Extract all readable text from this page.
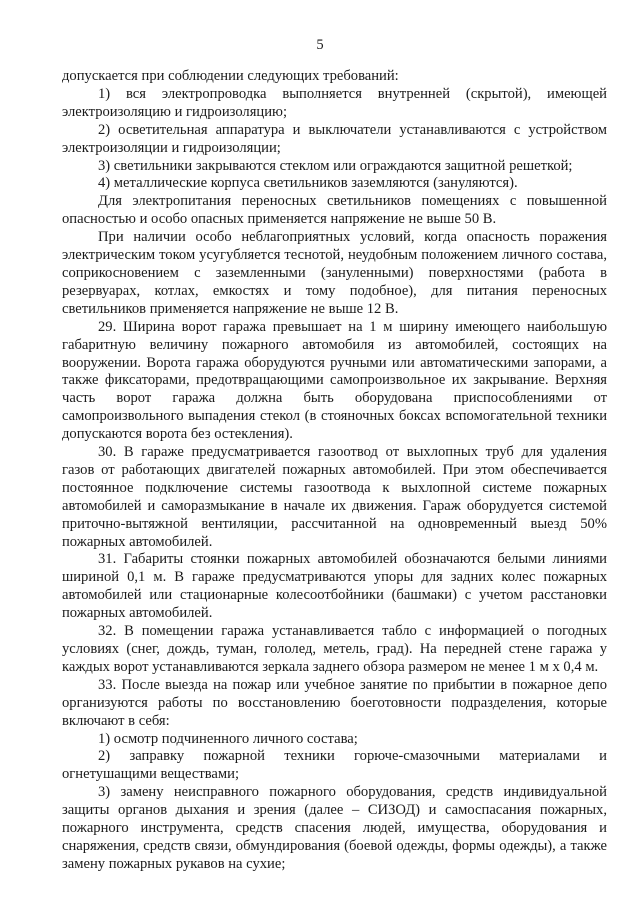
5

допускается при соблюдении следующих требований:

1) вся электропроводка выполняется внутренней (скрытой), имеющей электроизоляцию и гидроизоляцию;

2) осветительная аппаратура и выключатели устанавливаются с устройством электроизоляции и гидроизоляции;

3) светильники закрываются стеклом или ограждаются защитной решеткой;

4) металлические корпуса светильников заземляются (зануляются).

Для электропитания переносных светильников помещениях с повышенной опасностью и особо опасных применяется напряжение не выше 50 В.

При наличии особо неблагоприятных условий, когда опасность поражения электрическим током усугубляется теснотой, неудобным положением личного состава, соприкосновением с заземленными (зануленными) поверхностями (работа в резервуарах, котлах, емкостях и тому подобное), для питания переносных светильников применяется напряжение не выше 12 В.

29. Ширина ворот гаража превышает на 1 м ширину имеющего наибольшую габаритную величину пожарного автомобиля из автомобилей, состоящих на вооружении. Ворота гаража оборудуются ручными или автоматическими запорами, а также фиксаторами, предотвращающими самопроизвольное их закрывание. Верхняя часть ворот гаража должна быть оборудована приспособлениями от самопроизвольного выпадения стекол (в стояночных боксах вспомогательной техники допускаются ворота без остекления).

30. В гараже предусматривается газоотвод от выхлопных труб для удаления газов от работающих двигателей пожарных автомобилей. При этом обеспечивается постоянное подключение системы газоотвода к выхлопной системе пожарных автомобилей и саморазмыкание в начале их движения. Гараж оборудуется системой приточно-вытяжной вентиляции, рассчитанной на одновременный выезд 50% пожарных автомобилей.

31. Габариты стоянки пожарных автомобилей обозначаются белыми линиями шириной 0,1 м. В гараже предусматриваются упоры для задних колес пожарных автомобилей или стационарные колесоотбойники (башмаки) с учетом расстановки пожарных автомобилей.

32. В помещении гаража устанавливается табло с информацией о погодных условиях (снег, дождь, туман, гололед, метель, град). На передней стене гаража у каждых ворот устанавливаются зеркала заднего обзора размером не менее 1 м х 0,4 м.

33. После выезда на пожар или учебное занятие по прибытии в пожарное депо организуются работы по восстановлению боеготовности подразделения, которые включают в себя:

1) осмотр подчиненного личного состава;

2) заправку пожарной техники горюче-смазочными материалами и огнетушащими веществами;

3) замену неисправного пожарного оборудования, средств индивидуальной защиты органов дыхания и зрения (далее – СИЗОД) и самоспасания пожарных, пожарного инструмента, средств спасения людей, имущества, оборудования и снаряжения, средств связи, обмундирования (боевой одежды, формы одежды), а также замену пожарных рукавов на сухие;
